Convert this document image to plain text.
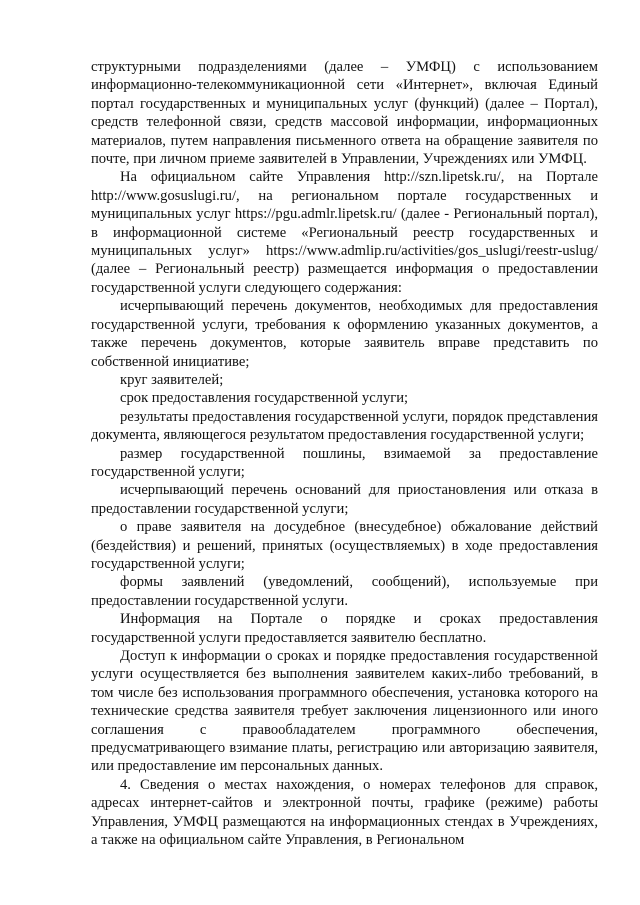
структурными подразделениями (далее – УМФЦ) с использованием информационно-телекоммуникационной сети «Интернет», включая Единый портал государственных и муниципальных услуг (функций) (далее – Портал), средств телефонной связи, средств массовой информации, информационных материалов, путем направления письменного ответа на обращение заявителя по почте, при личном приеме заявителей в Управлении, Учреждениях или УМФЦ.

На официальном сайте Управления http://szn.lipetsk.ru/, на Портале http://www.gosuslugi.ru/, на региональном портале государственных и муниципальных услуг https://pgu.admlr.lipetsk.ru/ (далее - Региональный портал), в информационной системе «Региональный реестр государственных и муниципальных услуг» https://www.admlip.ru/activities/gos_uslugi/reestr-uslug/ (далее – Региональный реестр) размещается информация о предоставлении государственной услуги следующего содержания:

исчерпывающий перечень документов, необходимых для предоставления государственной услуги, требования к оформлению указанных документов, а также перечень документов, которые заявитель вправе представить по собственной инициативе;

круг заявителей;

срок предоставления государственной услуги;

результаты предоставления государственной услуги, порядок представления документа, являющегося результатом предоставления государственной услуги;

размер государственной пошлины, взимаемой за предоставление государственной услуги;

исчерпывающий перечень оснований для приостановления или отказа в предоставлении государственной услуги;

о праве заявителя на досудебное (внесудебное) обжалование действий (бездействия) и решений, принятых (осуществляемых) в ходе предоставления государственной услуги;

формы заявлений (уведомлений, сообщений), используемые при предоставлении государственной услуги.

Информация на Портале о порядке и сроках предоставления государственной услуги предоставляется заявителю бесплатно.

Доступ к информации о сроках и порядке предоставления государственной услуги осуществляется без выполнения заявителем каких-либо требований, в том числе без использования программного обеспечения, установка которого на технические средства заявителя требует заключения лицензионного или иного соглашения с правообладателем программного обеспечения, предусматривающего взимание платы, регистрацию или авторизацию заявителя, или предоставление им персональных данных.

4. Сведения о местах нахождения, о номерах телефонов для справок, адресах интернет-сайтов и электронной почты, графике (режиме) работы Управления, УМФЦ размещаются на информационных стендах в Учреждениях, а также на официальном сайте Управления, в Региональном
